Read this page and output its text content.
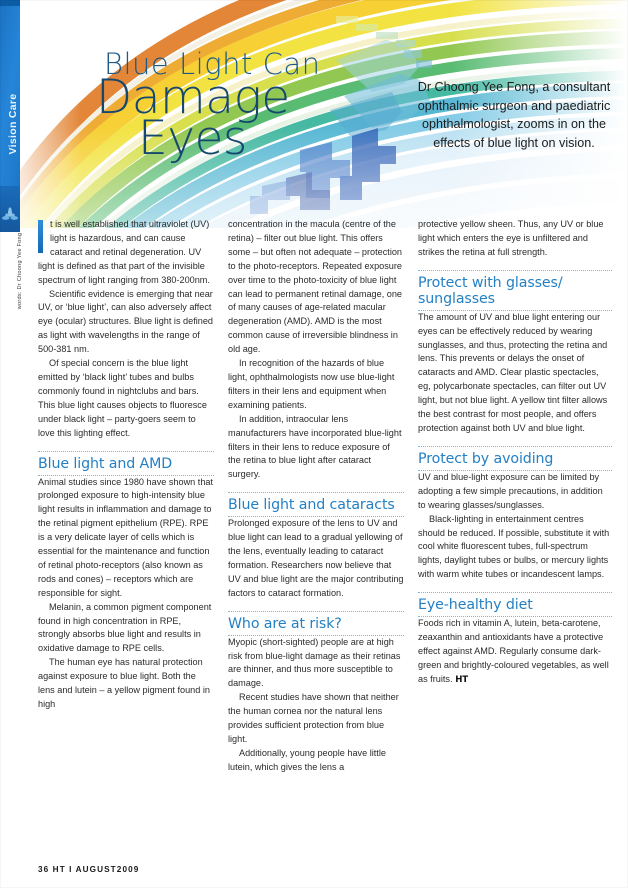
Vision Care
words: Dr Choong Yee Fong
Blue Light Can
Damage
Eyes
Dr Choong Yee Fong, a consultant ophthalmic surgeon and paediatric ophthalmologist, zooms in on the effects of blue light on vision.

t is well established that ultraviolet (UV) light is hazardous, and can cause cataract and retinal degeneration. UV light is defined as that part of the invisible spectrum of light ranging from 380-200nm.

Scientific evidence is emerging that near UV, or ‘blue light’, can also adversely affect eye (ocular) structures. Blue light is defined as light with wavelengths in the range of 500-381 nm.

Of special concern is the blue light emitted by ‘black light’ tubes and bulbs commonly found in nightclubs and bars. This blue light causes objects to fluoresce under black light – party-goers seem to love this lighting effect.

Blue light and AMD

Animal studies since 1980 have shown that prolonged exposure to high-intensity blue light results in inflammation and damage to the retinal pigment epithelium (RPE). RPE is a very delicate layer of cells which is essential for the maintenance and function of retinal photo-receptors (also known as rods and cones) – receptors which are responsible for sight.

Melanin, a common pigment component found in high concentration in RPE, strongly absorbs blue light and results in oxidative damage to RPE cells.

The human eye has natural protection against exposure to blue light. Both the lens and lutein – a yellow pigment found in high

concentration in the macula (centre of the retina) – filter out blue light. This offers some – but often not adequate – protection to the photo-receptors. Repeated exposure over time to the photo-toxicity of blue light can lead to permanent retinal damage, one of many causes of age-related macular degeneration (AMD). AMD is the most common cause of irreversible blindness in old age.

In recognition of the hazards of blue light, ophthalmologists now use blue-light filters in their lens and equipment when examining patients.

In addition, intraocular lens manufacturers have incorporated blue-light filters in their lens to reduce exposure of the retina to blue light after cataract surgery.

Blue light and cataracts

Prolonged exposure of the lens to UV and blue light can lead to a gradual yellowing of the lens, eventually leading to cataract formation. Researchers now believe that UV and blue light are the major contributing factors to cataract formation.

Who are at risk?

Myopic (short-sighted) people are at high risk from blue-light damage as their retinas are thinner, and thus more susceptible to damage.

Recent studies have shown that neither the human cornea nor the natural lens provides sufficient protection from blue light.

Additionally, young people have little lutein, which gives the lens a

protective yellow sheen. Thus, any UV or blue light which enters the eye is unfiltered and strikes the retina at full strength.

Protect with glasses/ sunglasses

The amount of UV and blue light entering our eyes can be effectively reduced by wearing sunglasses, and thus, protecting the retina and lens. This prevents or delays the onset of cataracts and AMD. Clear plastic spectacles, eg, polycarbonate spectacles, can filter out UV light, but not blue light. A yellow tint filter allows the best contrast for most people, and offers protection against both UV and blue light.

Protect by avoiding

UV and blue-light exposure can be limited by adopting a few simple precautions, in addition to wearing glasses/sunglasses.

Black-lighting in entertainment centres should be reduced. If possible, substitute it with cool white fluorescent tubes, full-spectrum lights, daylight tubes or bulbs, or mercury lights with warm white tubes or incandescent lamps.

Eye-healthy diet

Foods rich in vitamin A, lutein, beta-carotene, zeaxanthin and antioxidants have a protective effect against AMD. Regularly consume dark-green and brightly-coloured vegetables, as well as fruits. HT

36 HT I AUGUST2009
